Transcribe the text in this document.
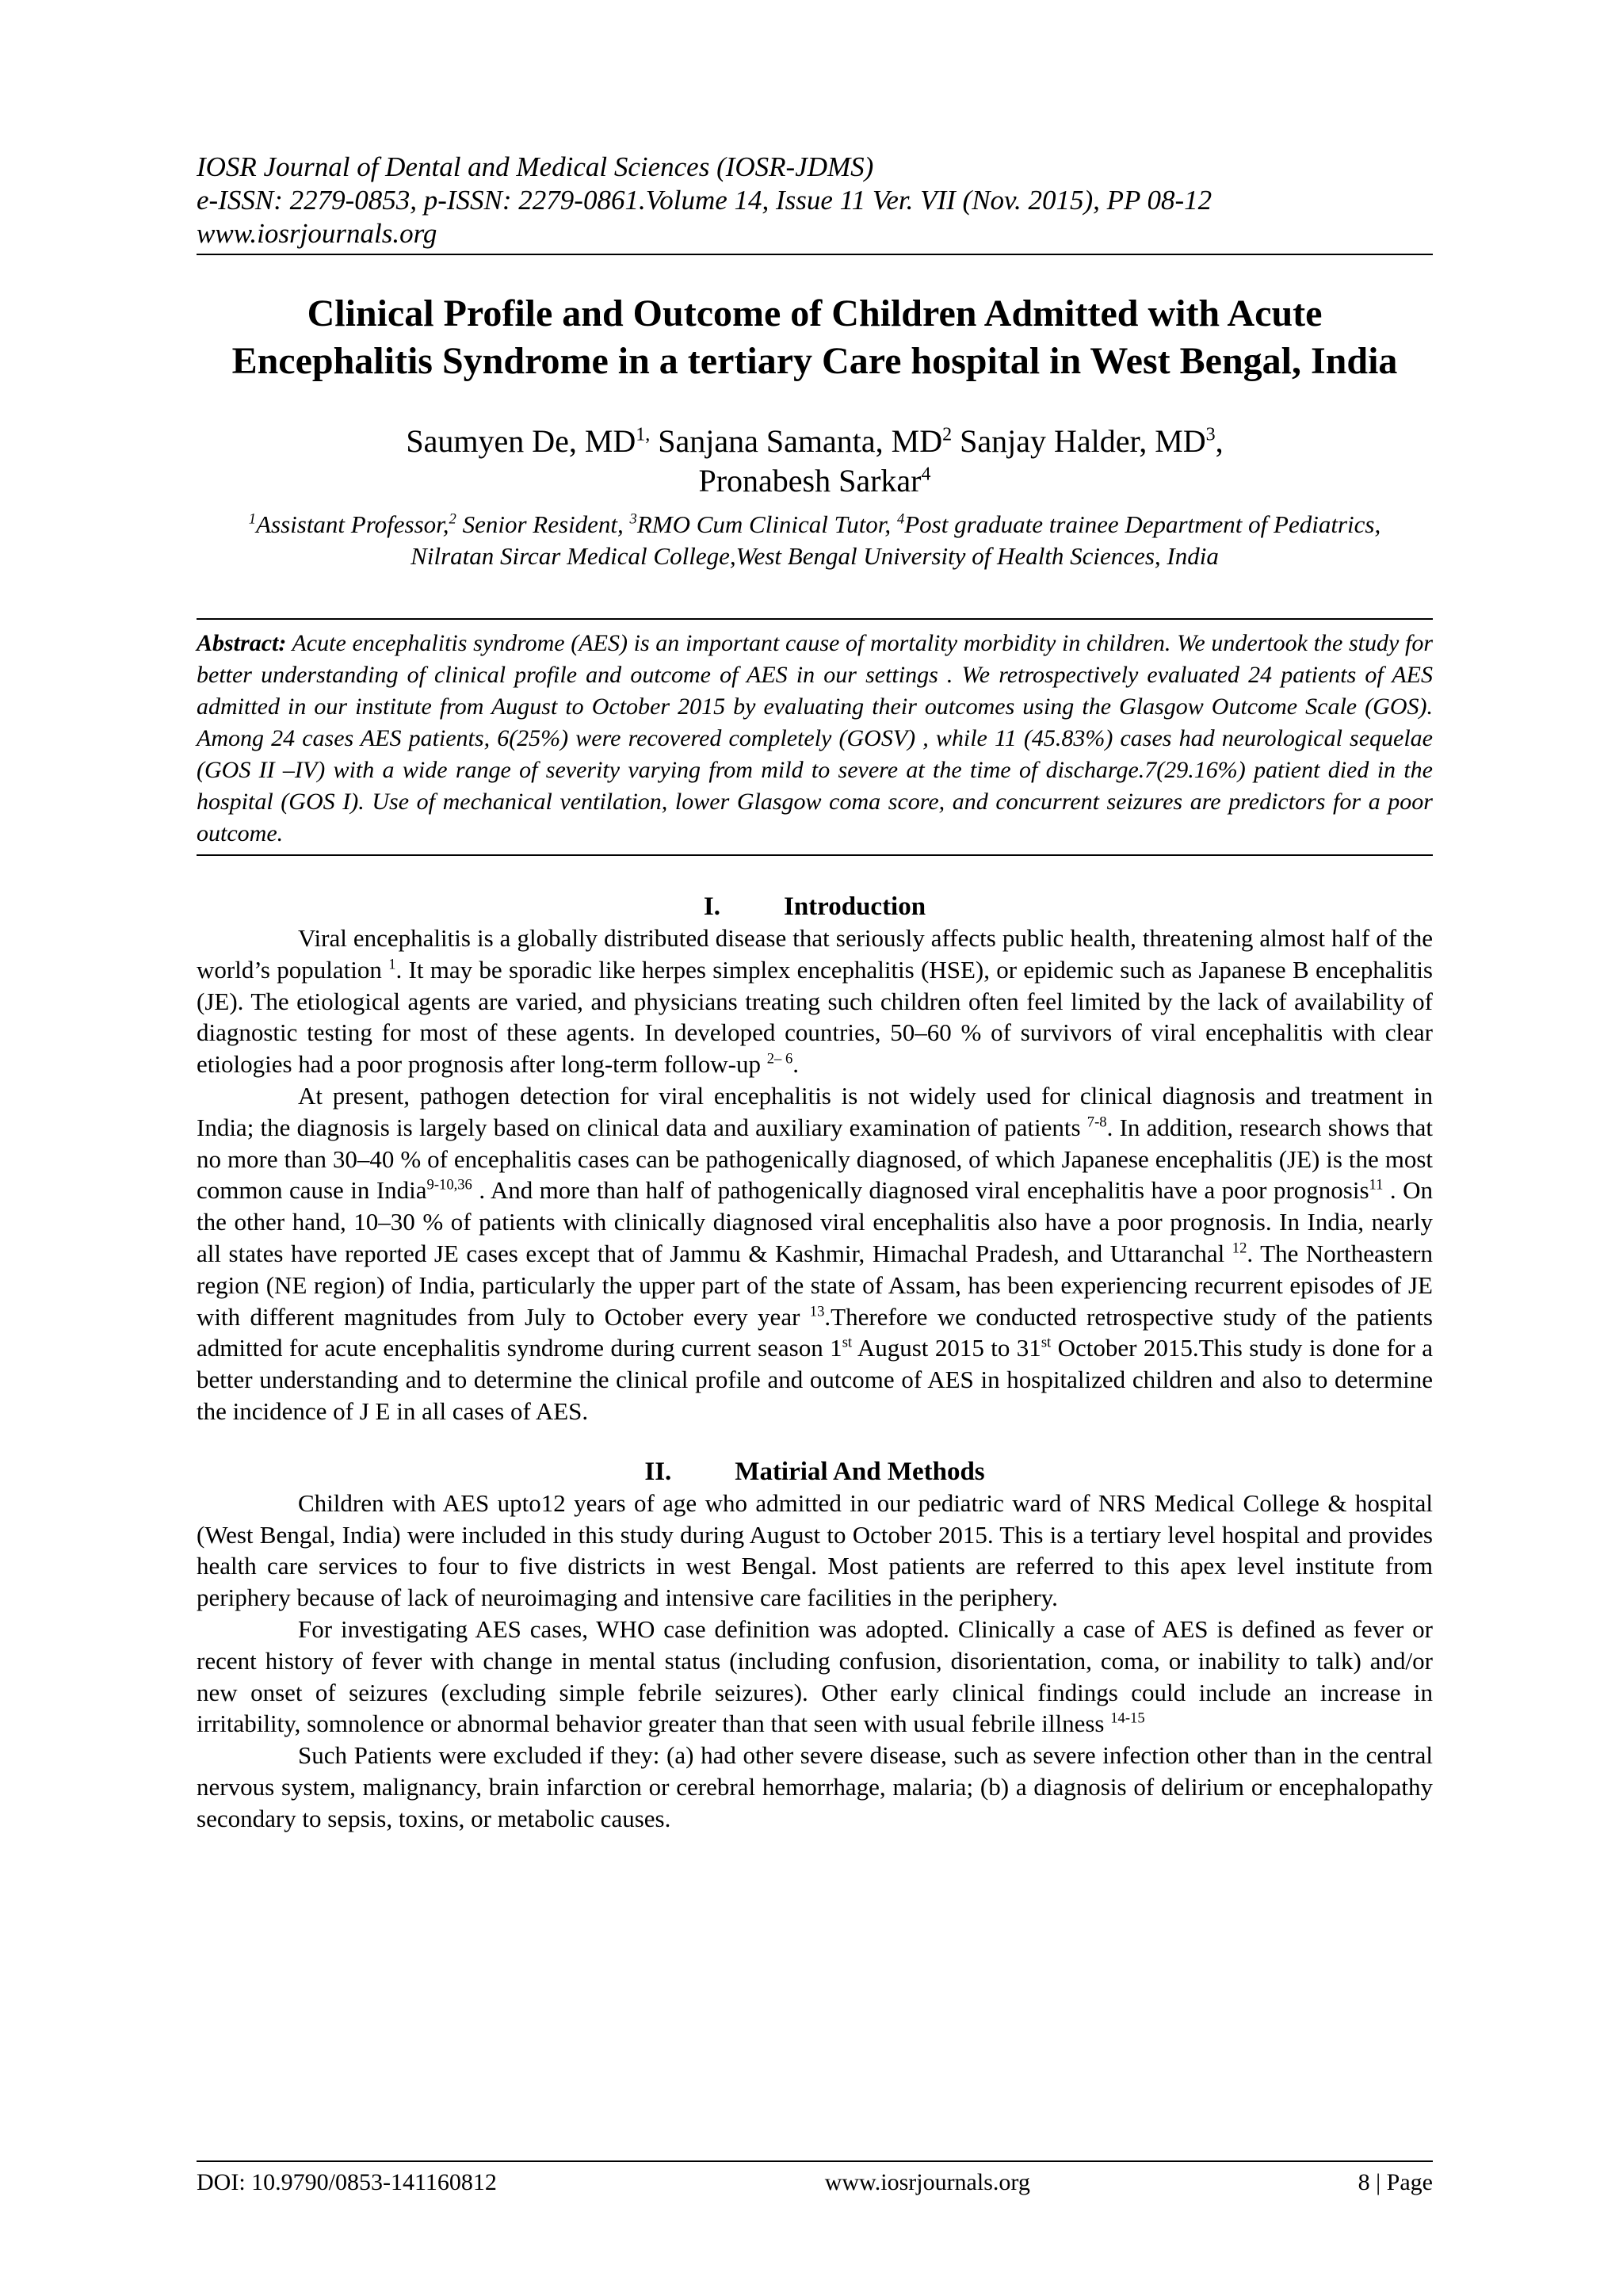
IOSR Journal of Dental and Medical Sciences (IOSR-JDMS)
e-ISSN: 2279-0853, p-ISSN: 2279-0861.Volume 14, Issue 11 Ver. VII (Nov. 2015), PP 08-12
www.iosrjournals.org
Clinical Profile and Outcome of Children Admitted with Acute Encephalitis Syndrome in a tertiary Care hospital in West Bengal, India
Saumyen De, $MD^{1,}$ Sanjana Samanta, $MD^2$ Sanjay Halder, $MD^3$,
Pronabesh Sarkar$^4$
$^1$Assistant Professor,$^2$ Senior Resident, $^3$RMO Cum Clinical Tutor, $^4$Post graduate trainee Department of Pediatrics, Nilratan Sircar Medical College,West Bengal University of Health Sciences, India
Abstract: Acute encephalitis syndrome (AES) is an important cause of mortality morbidity in children. We undertook the study for better understanding of clinical profile and outcome of AES in our settings . We retrospectively evaluated 24 patients of AES admitted in our institute from August to October 2015 by evaluating their outcomes using the Glasgow Outcome Scale (GOS). Among 24 cases AES patients, 6(25%) were recovered completely (GOSV) , while 11 (45.83%) cases had neurological sequelae (GOS II –IV) with a wide range of severity varying from mild to severe at the time of discharge.7(29.16%) patient died in the hospital (GOS I). Use of mechanical ventilation, lower Glasgow coma score, and concurrent seizures are predictors for a poor outcome.
I. Introduction

Viral encephalitis is a globally distributed disease that seriously affects public health, threatening almost half of the world’s population $^1$. It may be sporadic like herpes simplex encephalitis (HSE), or epidemic such as Japanese B encephalitis (JE). The etiological agents are varied, and physicians treating such children often feel limited by the lack of availability of diagnostic testing for most of these agents. In developed countries, 50–60 % of survivors of viral encephalitis with clear etiologies had a poor prognosis after long-term follow-up $^{2- 6}$.

At present, pathogen detection for viral encephalitis is not widely used for clinical diagnosis and treatment in India; the diagnosis is largely based on clinical data and auxiliary examination of patients $^{7-8}$. In addition, research shows that no more than 30–40 % of encephalitis cases can be pathogenically diagnosed, of which Japanese encephalitis (JE) is the most common cause in India$^{9-10,36}$ . And more than half of pathogenically diagnosed viral encephalitis have a poor prognosis$^{11}$ . On the other hand, 10–30 % of patients with clinically diagnosed viral encephalitis also have a poor prognosis. In India, nearly all states have reported JE cases except that of Jammu & Kashmir, Himachal Pradesh, and Uttaranchal $^{12}$. The Northeastern region (NE region) of India, particularly the upper part of the state of Assam, has been experiencing recurrent episodes of JE with different magnitudes from July to October every year $^{13}$.Therefore we conducted retrospective study of the patients admitted for acute encephalitis syndrome during current season 1st August 2015 to 31st October 2015.This study is done for a better understanding and to determine the clinical profile and outcome of AES in hospitalized children and also to determine the incidence of J E in all cases of AES.

II. Matirial And Methods

Children with AES upto12 years of age who admitted in our pediatric ward of NRS Medical College & hospital (West Bengal, India) were included in this study during August to October 2015. This is a tertiary level hospital and provides health care services to four to five districts in west Bengal. Most patients are referred to this apex level institute from periphery because of lack of neuroimaging and intensive care facilities in the periphery.

For investigating AES cases, WHO case definition was adopted. Clinically a case of AES is defined as fever or recent history of fever with change in mental status (including confusion, disorientation, coma, or inability to talk) and/or new onset of seizures (excluding simple febrile seizures). Other early clinical findings could include an increase in irritability, somnolence or abnormal behavior greater than that seen with usual febrile illness $^{14-15}$

Such Patients were excluded if they: (a) had other severe disease, such as severe infection other than in the central nervous system, malignancy, brain infarction or cerebral hemorrhage, malaria; (b) a diagnosis of delirium or encephalopathy secondary to sepsis, toxins, or metabolic causes.

DOI: 10.9790/0853-141160812	www.iosrjournals.org	8 | Page
